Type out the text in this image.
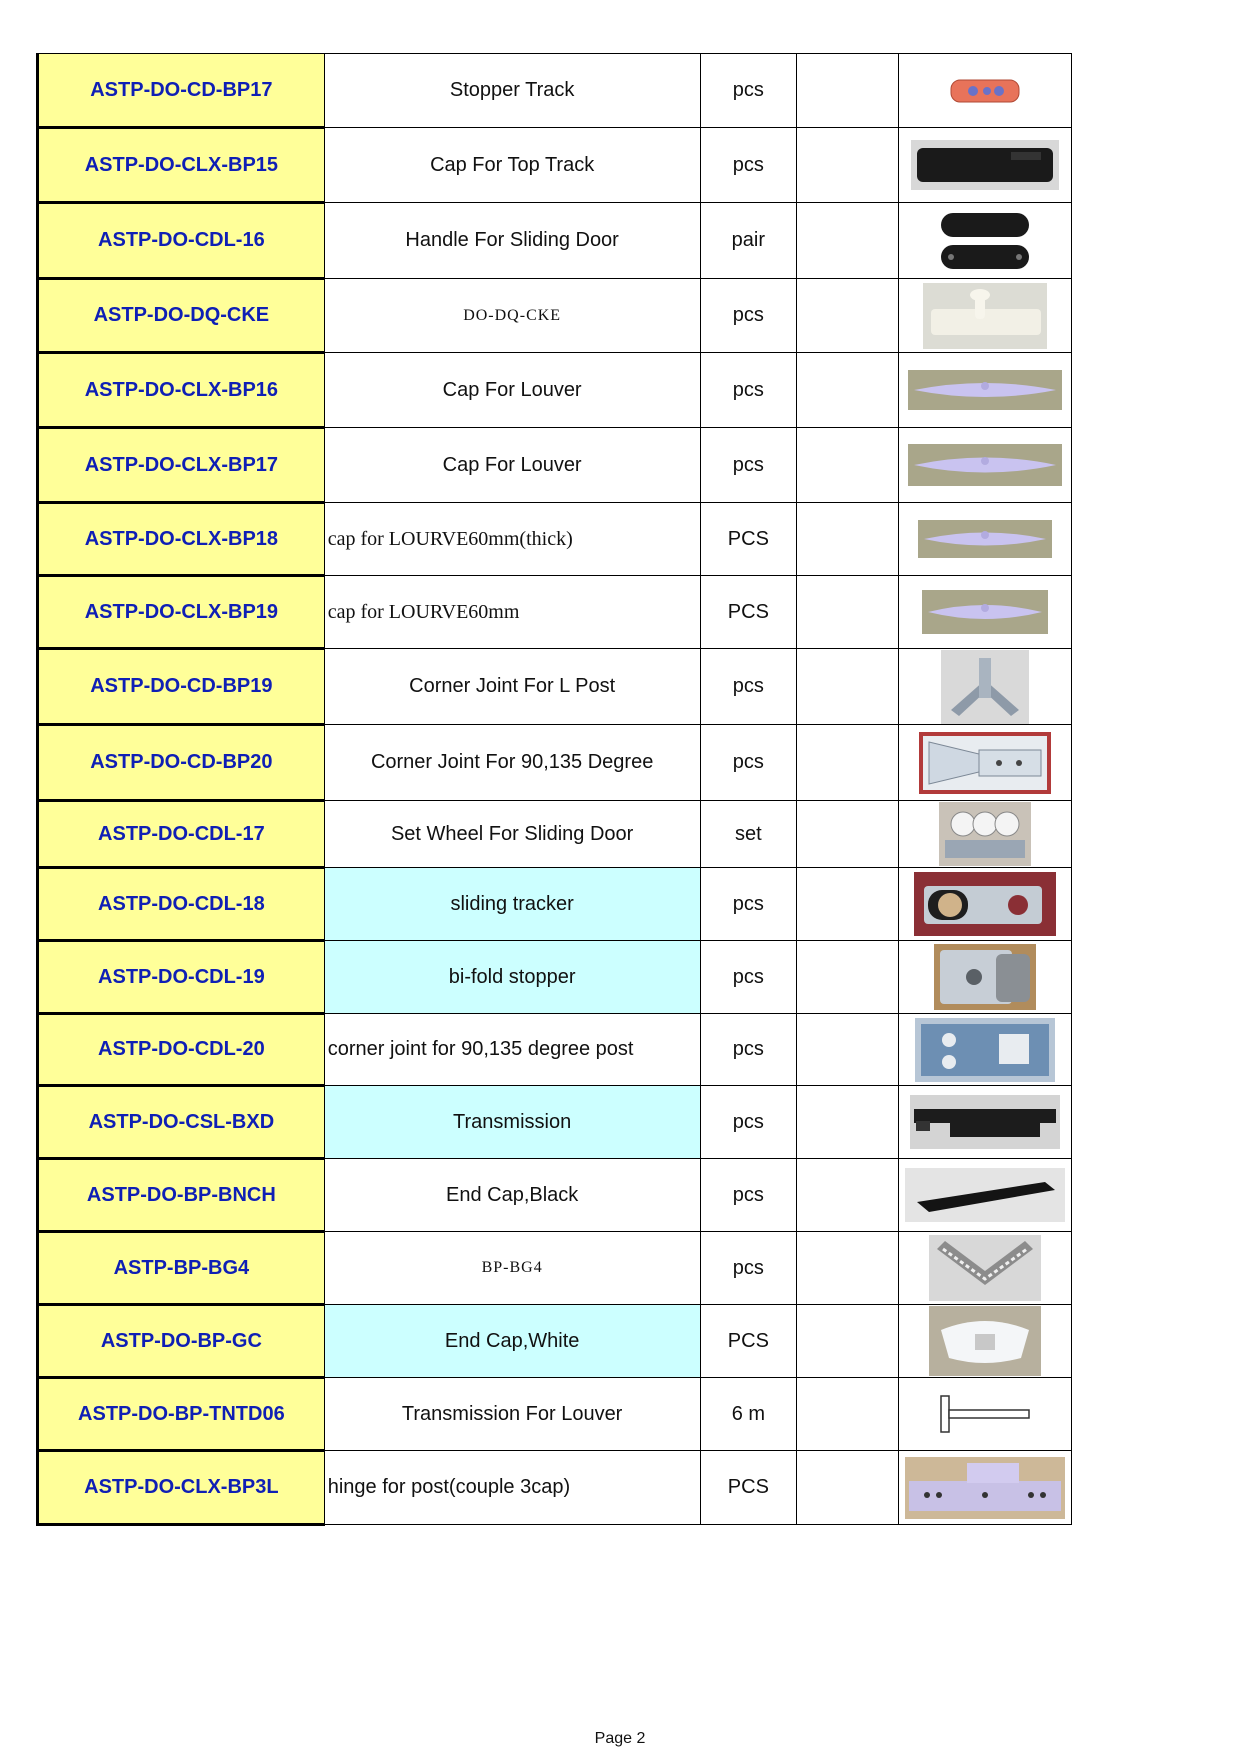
ASTP-DO-CD-BP17	Stopper Track	pcs		

ASTP-DO-CLX-BP15	Cap For Top Track	pcs		

ASTP-DO-CDL-16	Handle For Sliding Door	pair		

ASTP-DO-DQ-CKE	DO-DQ-CKE	pcs		

ASTP-DO-CLX-BP16	Cap For Louver	pcs		

ASTP-DO-CLX-BP17	Cap For Louver	pcs		

ASTP-DO-CLX-BP18	cap for LOURVE60mm(thick)	PCS		

ASTP-DO-CLX-BP19	cap for LOURVE60mm	PCS		

ASTP-DO-CD-BP19	Corner Joint For L Post	pcs		

ASTP-DO-CD-BP20	Corner Joint For 90,135 Degree	pcs		

ASTP-DO-CDL-17	Set Wheel For Sliding Door	set		

ASTP-DO-CDL-18	sliding tracker	pcs		

ASTP-DO-CDL-19	bi-fold stopper	pcs		

ASTP-DO-CDL-20	corner joint for 90,135 degree post	pcs		

ASTP-DO-CSL-BXD	Transmission	pcs		

ASTP-DO-BP-BNCH	End Cap,Black	pcs		

ASTP-BP-BG4	BP-BG4	pcs		

ASTP-DO-BP-GC	End Cap,White	PCS		

ASTP-DO-BP-TNTD06	Transmission For Louver	6 m		

ASTP-DO-CLX-BP3L	hinge for post(couple 3cap)	PCS		
Page 2
